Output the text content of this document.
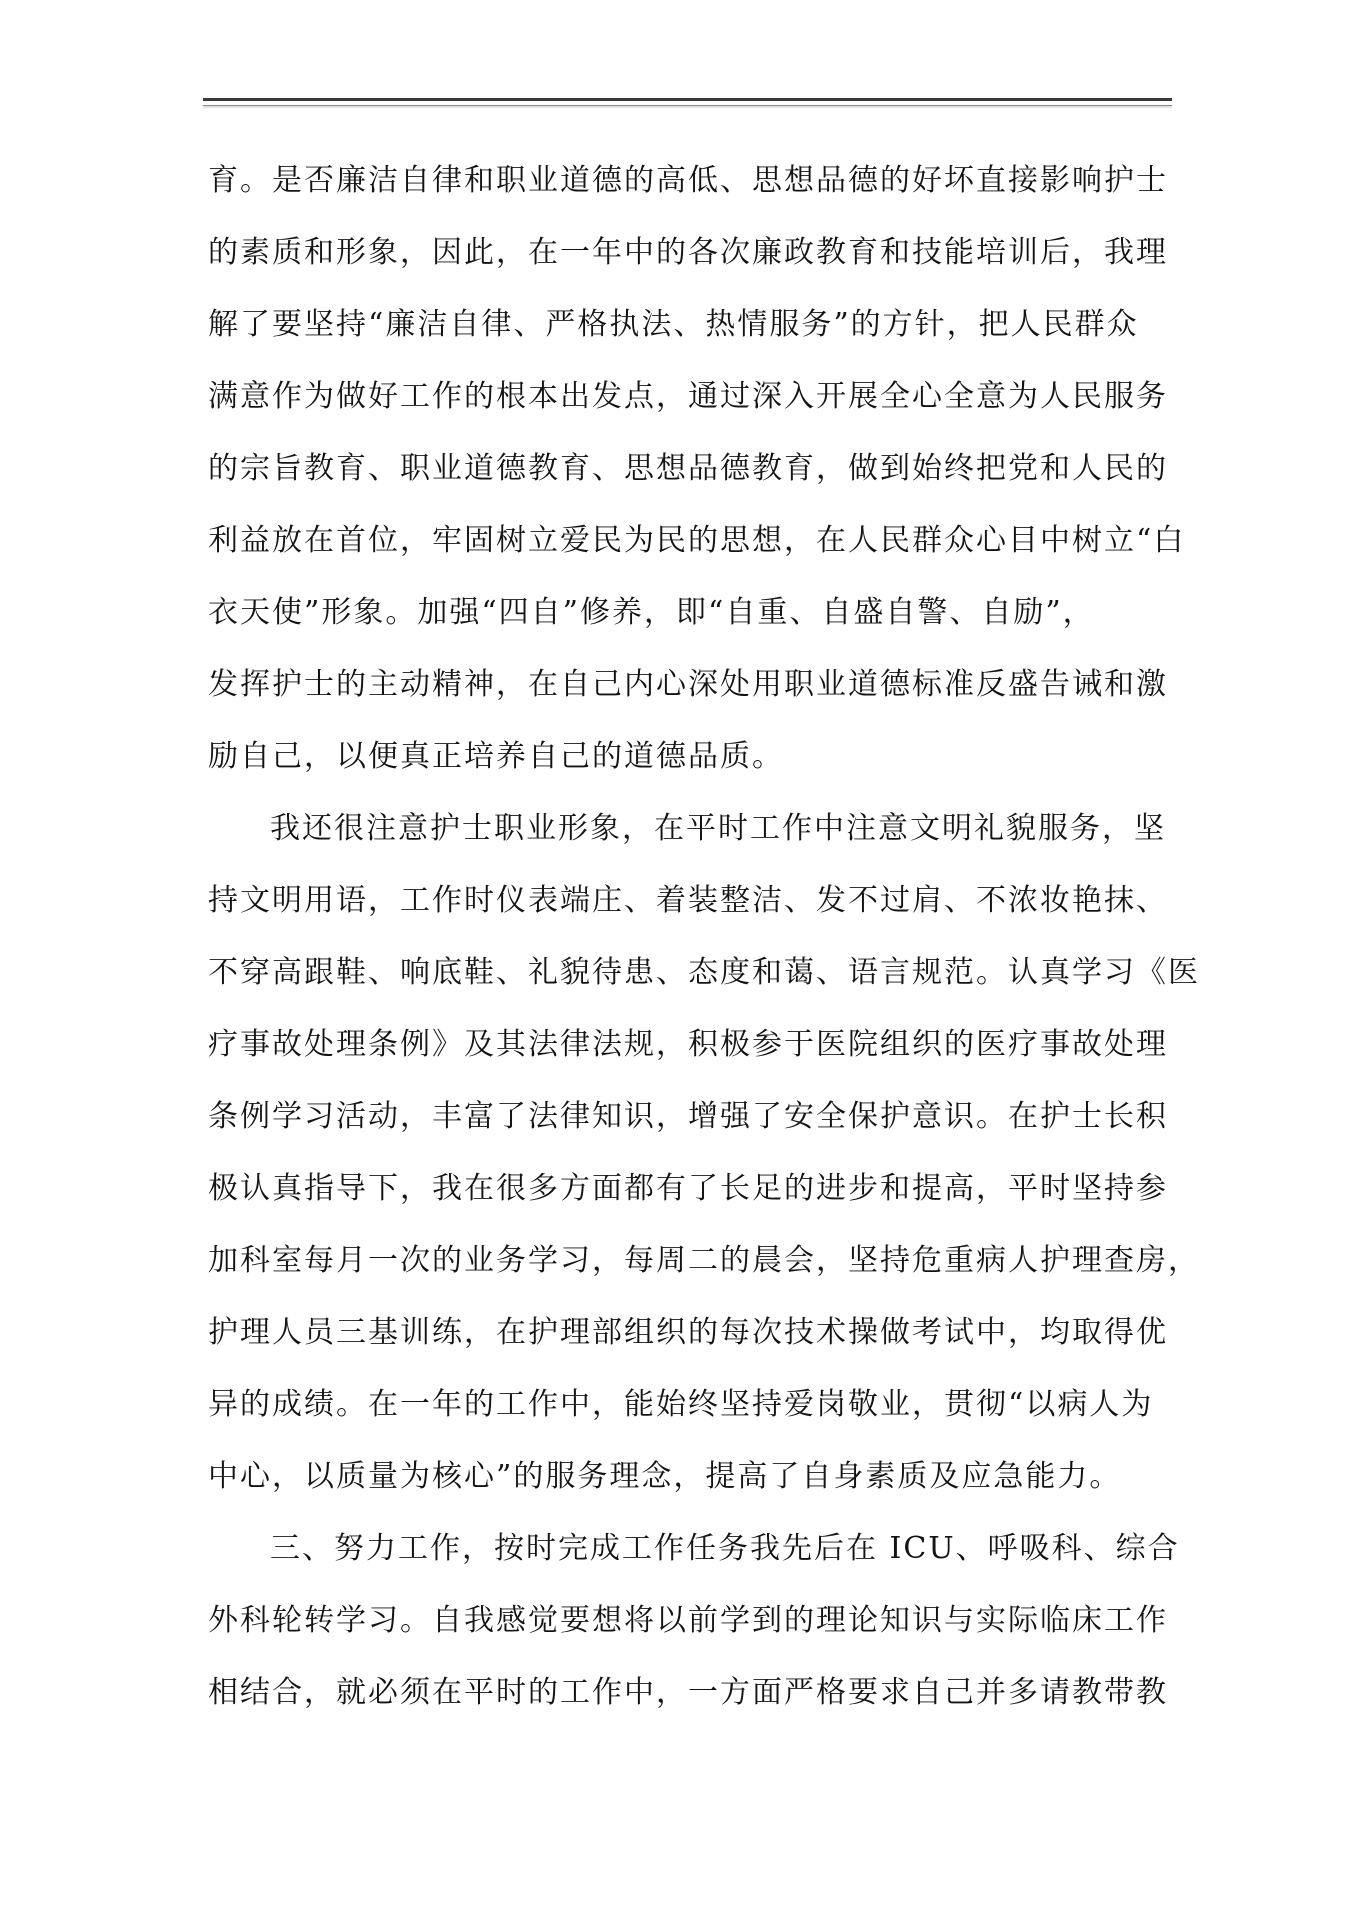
育。是否廉洁自律和职业道德的高低、思想品德的好坏直接影响护士
的素质和形象，因此，在一年中的各次廉政教育和技能培训后，我理
解了要坚持“廉洁自律、严格执法、热情服务”的方针，把人民群众
满意作为做好工作的根本出发点，通过深入开展全心全意为人民服务
的宗旨教育、职业道德教育、思想品德教育，做到始终把党和人民的
利益放在首位，牢固树立爱民为民的思想，在人民群众心目中树立“白
衣天使”形象。加强“四自”修养，即“自重、自盛自警、自励”，
发挥护士的主动精神，在自己内心深处用职业道德标准反盛告诫和激
励自己，以便真正培养自己的道德品质。
我还很注意护士职业形象，在平时工作中注意文明礼貌服务，坚
持文明用语，工作时仪表端庄、着装整洁、发不过肩、不浓妆艳抹、
不穿高跟鞋、响底鞋、礼貌待患、态度和蔼、语言规范。认真学习《医
疗事故处理条例》及其法律法规，积极参于医院组织的医疗事故处理
条例学习活动，丰富了法律知识，增强了安全保护意识。在护士长积
极认真指导下，我在很多方面都有了长足的进步和提高，平时坚持参
加科室每月一次的业务学习，每周二的晨会，坚持危重病人护理查房，
护理人员三基训练，在护理部组织的每次技术操做考试中，均取得优
异的成绩。在一年的工作中，能始终坚持爱岗敬业，贯彻“以病人为
中心，以质量为核心”的服务理念，提高了自身素质及应急能力。
三、努力工作，按时完成工作任务我先后在 ICU、呼吸科、综合
外科轮转学习。自我感觉要想将以前学到的理论知识与实际临床工作
相结合，就必须在平时的工作中，一方面严格要求自己并多请教带教
